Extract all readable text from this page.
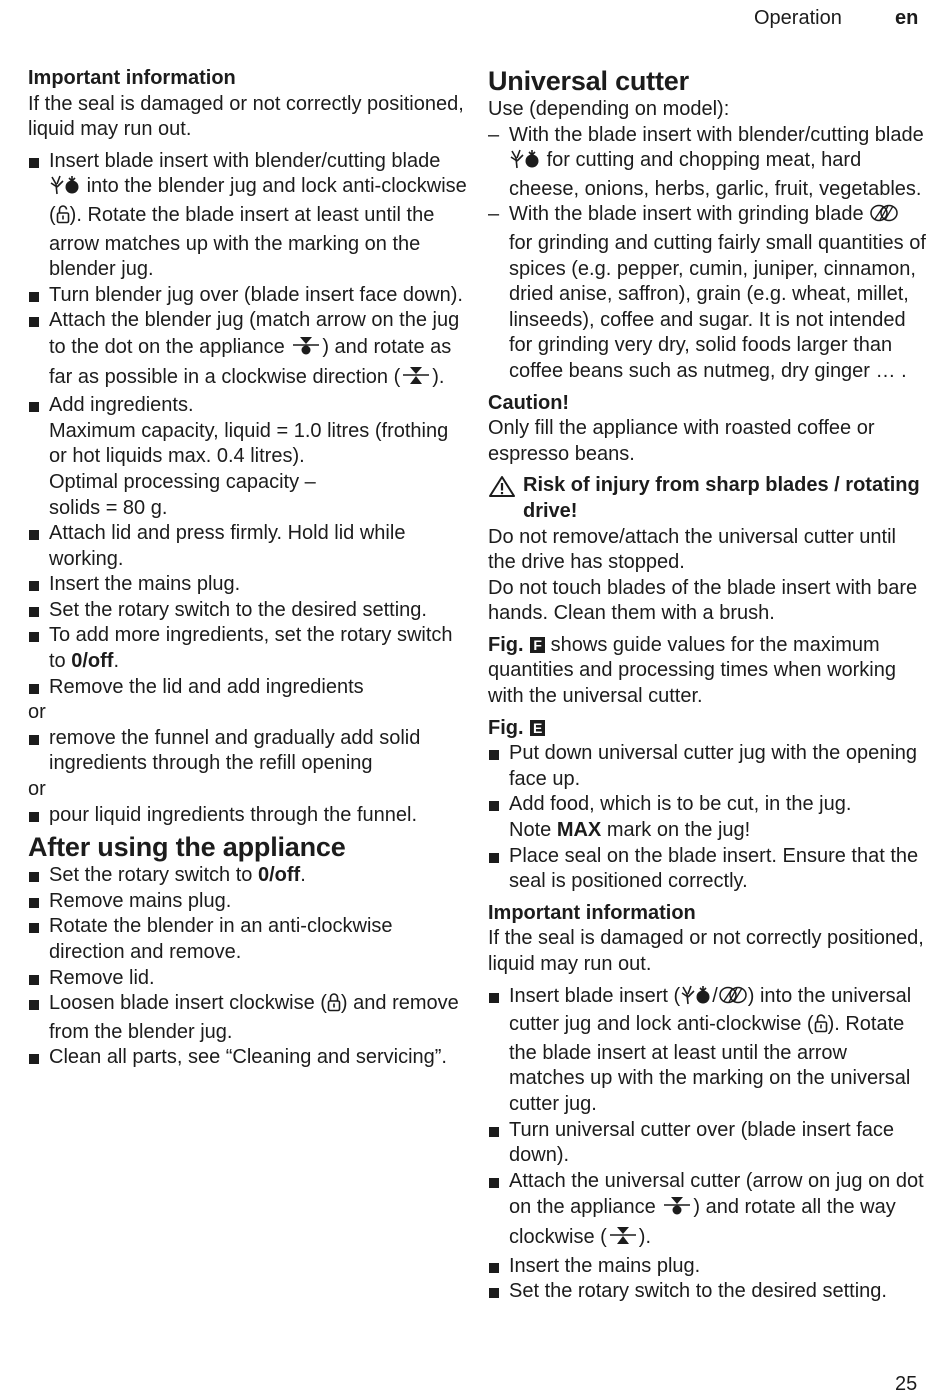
Operation	en
Important information

If the seal is damaged or not correctly positioned, liquid may run out.

Insert blade insert with blender/cutting blade  into the blender jug and lock anti-clockwise ( ). Rotate the blade insert at least until the arrow matches up with the marking on the blender jug.
Turn blender jug over (blade insert face down).
Attach the blender jug (match arrow on the jug to the dot on the appliance ) and rotate as far as possible in a clockwise direction ( ).
Add ingredients.
Maximum capacity, liquid = 1.0 litres (frothing or hot liquids max. 0.4 litres).
Optimal processing capacity –
solids = 80 g.
Attach lid and press firmly. Hold lid while working.
Insert the mains plug.
Set the rotary switch to the desired setting.
To add more ingredients, set the rotary switch to 0/off.
Remove the lid and add ingredients
or
remove the funnel and gradually add solid ingredients through the refill opening
or
pour liquid ingredients through the funnel.
After using the appliance
Set the rotary switch to 0/off.
Remove mains plug.
Rotate the blender in an anti-clockwise direction and remove.
Remove lid.
Loosen blade insert clockwise ( ) and remove from the blender jug.
Clean all parts, see “Cleaning and servicing”.
Universal cutter
Use (depending on model):
– With the blade insert with blender/cutting blade  for cutting and chopping meat, hard cheese, onions, herbs, garlic, fruit, vegetables.
– With the blade insert with grinding blade  for grinding and cutting fairly small quantities of spices (e.g. pepper, cumin, juniper, cinnamon, dried anise, saffron), grain (e.g. wheat, millet, linseeds), coffee and sugar. It is not intended for grinding very dry, solid foods larger than coffee beans such as nutmeg, dry ginger … .
Caution!

Only fill the appliance with roasted coffee or espresso beans.

Risk of injury from sharp blades / rotating drive!

Do not remove/attach the universal cutter until the drive has stopped.

Do not touch blades of the blade insert with bare hands. Clean them with a brush.

Fig. F shows guide values for the maximum quantities and processing times when working with the universal cutter.

Fig. E
Put down universal cutter jug with the opening face up.
Add food, which is to be cut, in the jug.
Note MAX mark on the jug!
Place seal on the blade insert. Ensure that the seal is positioned correctly.
Important information

If the seal is damaged or not correctly positioned, liquid may run out.

Insert blade insert ( / ) into the universal cutter jug and lock anti-clockwise ( ). Rotate the blade insert at least until the arrow matches up with the marking on the universal cutter jug.
Turn universal cutter over (blade insert face down).
Attach the universal cutter (arrow on jug on dot on the appliance ) and rotate all the way clockwise ( ).
Insert the mains plug.
Set the rotary switch to the desired setting.
25
